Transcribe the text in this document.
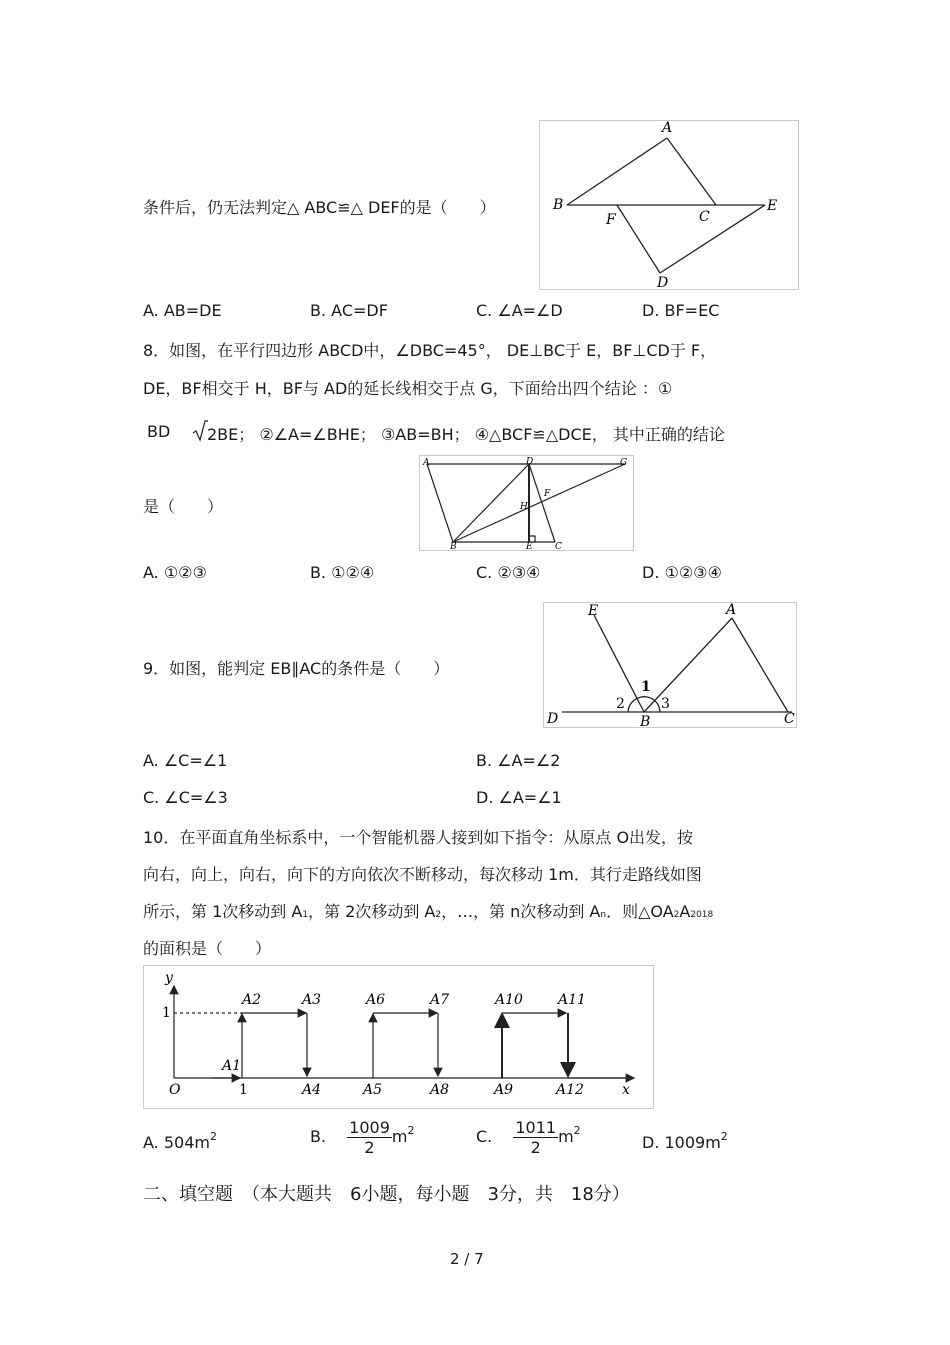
条件后，仍无法判定△ ABC≌△ DEF的是（　　）
A
B
C
D
E
F
A. AB=DE	B. AC=DF	C. ∠A=∠D	D. BF=EC
8．如图，在平行四边形 ABCD中，∠DBC=45°， DE⊥BC于 E，BF⊥CD于 F，
DE，BF相交于 H，BF与 AD的延长线相交于点 G，下面给出四个结论 ：①
BD 2BE； ②∠A=∠BHE； ③AB=BH； ④△BCF≌△DCE， 其中正确的结论
是（　　）
A	D	G
F
H
B	E C
A. ①②③	B. ①②④	C. ②③④	D. ①②③④
9．如图，能判定 EB∥AC的条件是（　　）
E	A
1
2	3
D	B	C
A. ∠C=∠1	B. ∠A=∠2
C. ∠C=∠3	D. ∠A=∠1
10．在平面直角坐标系中，一个智能机器人接到如下指令：从原点 O出发，按
向右，向上，向右，向下的方向依次不断移动，每次移动 1m．其行走路线如图
所示，第 1次移动到 A1，第 2次移动到 A2，…，第 n次移动到 An．则△OA2A2018
的面积是（　　）
y
x
O
1
1
A1
A2	A3
A4	A5
A6	A7
A8	A9
A10	A11
A12
A. $504m^2$	B. $\frac{1009}{2} m^2$	C. $\frac{1011}{2} m^2$
D. $1009m^2$
二、填空题　（本大题共　6小题，每小题　3分，共　18分）
2 / 7
